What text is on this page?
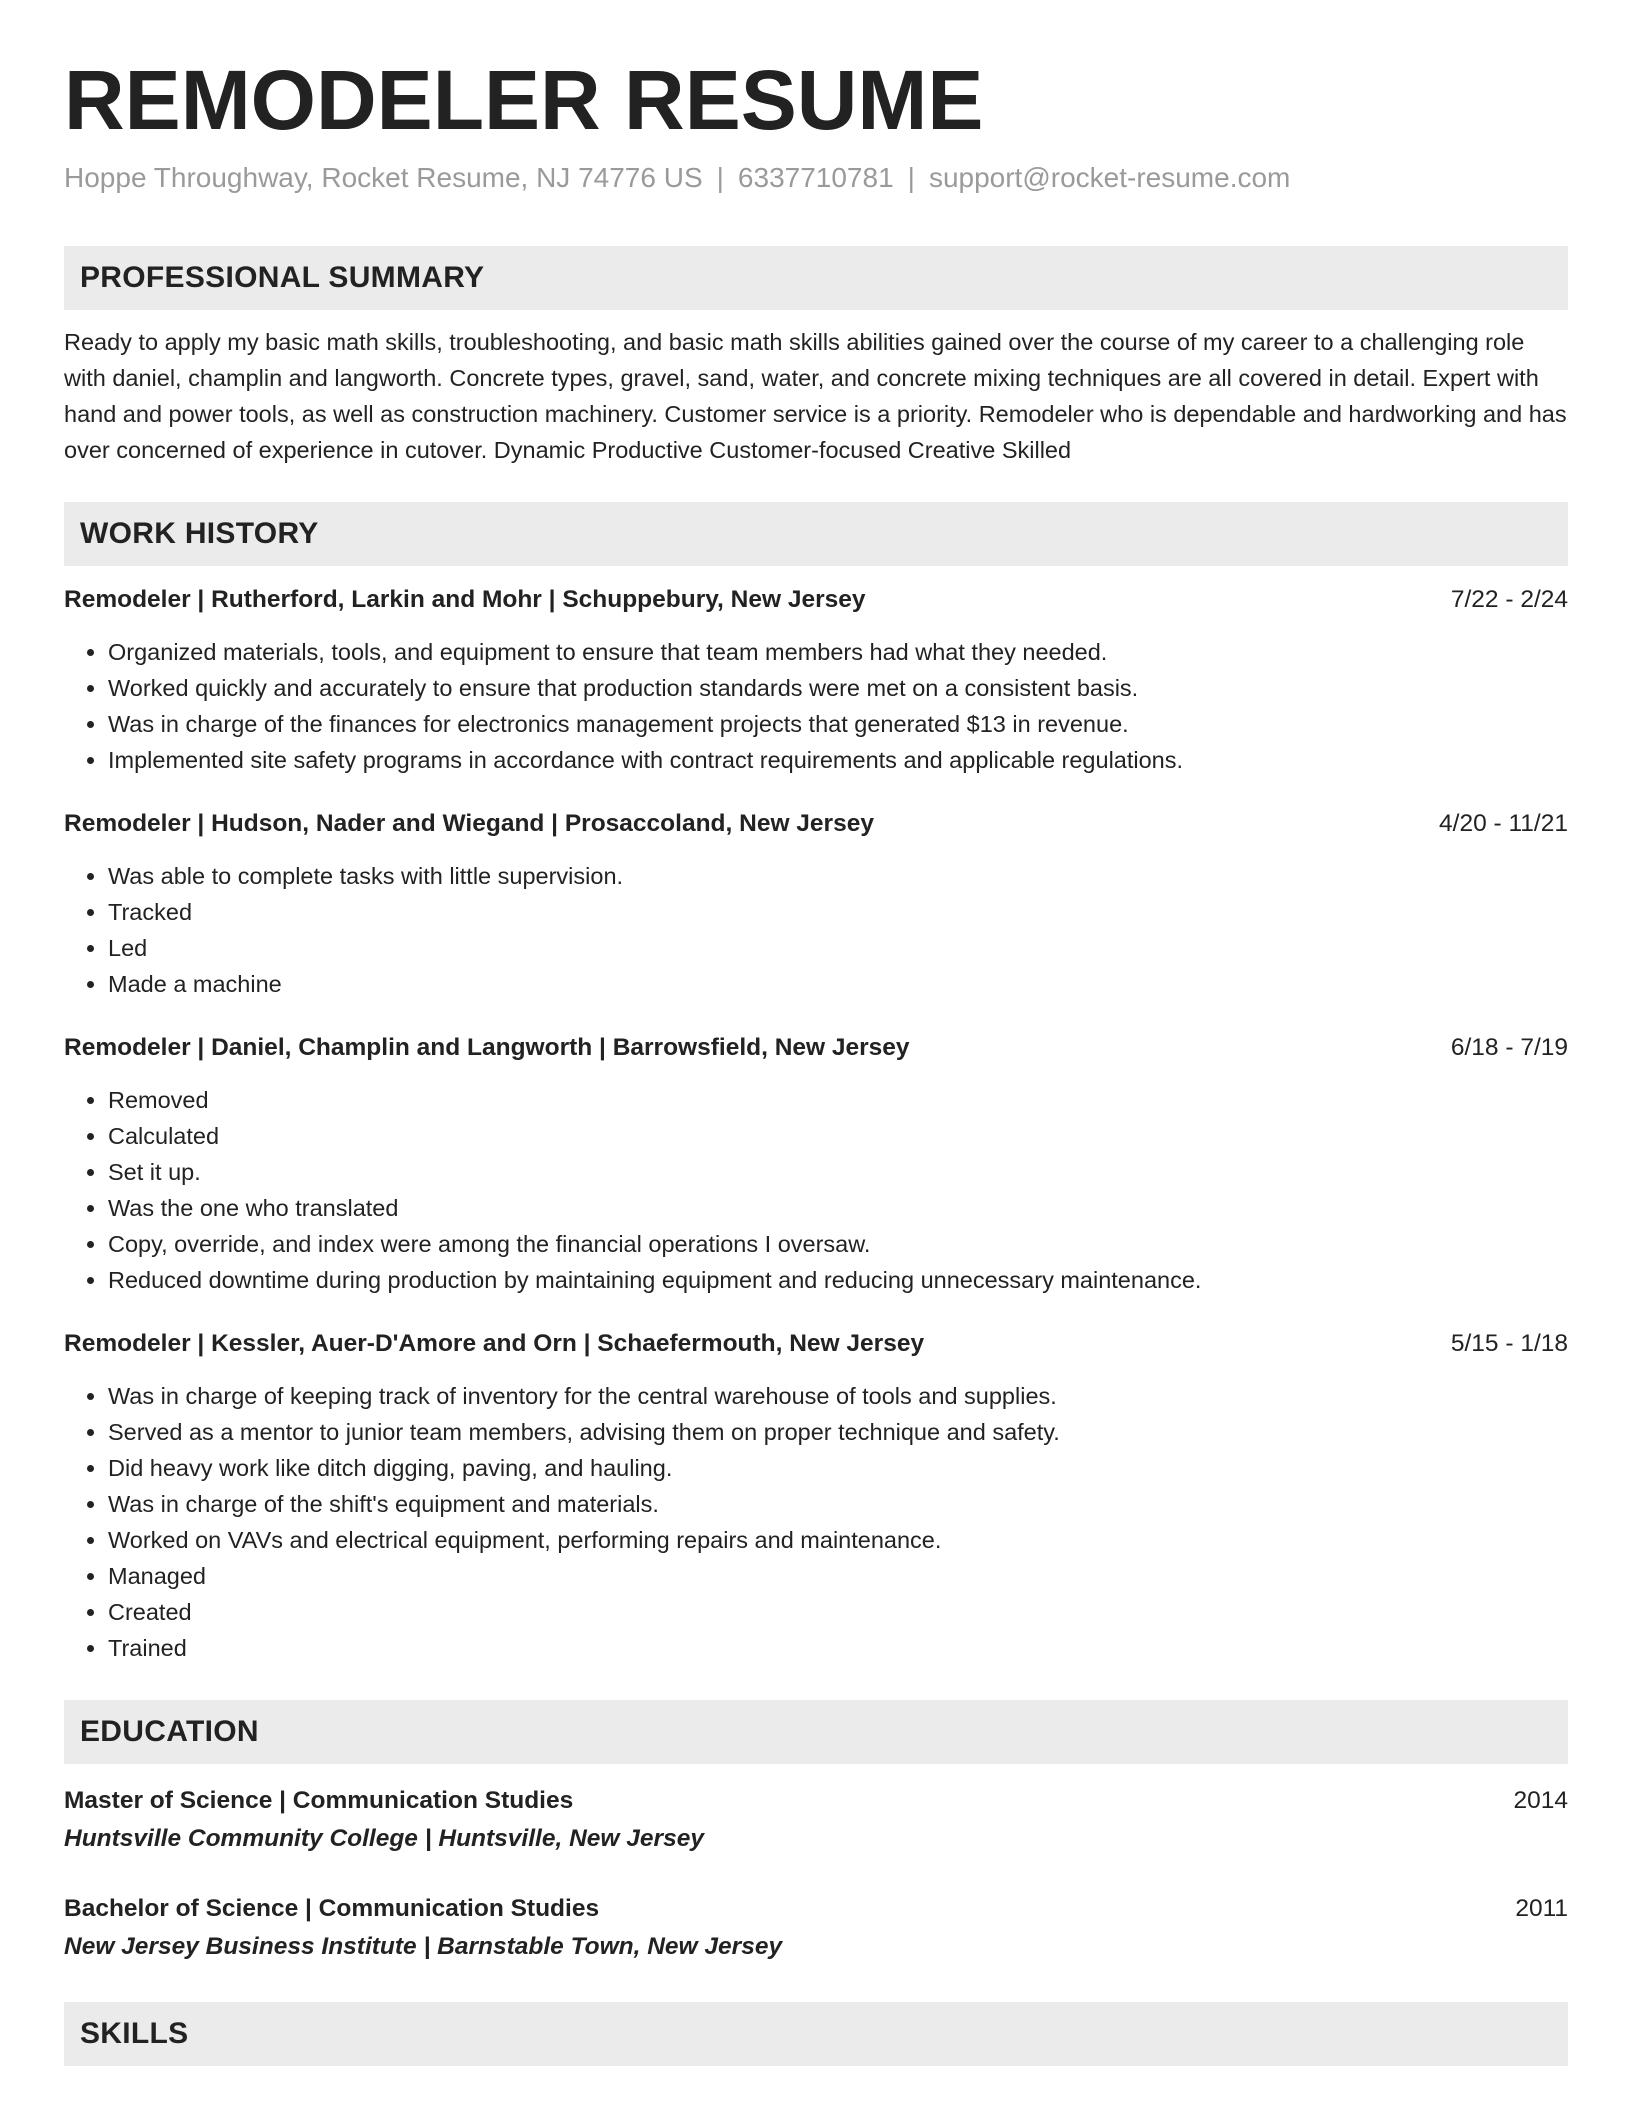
REMODELER RESUME
Hoppe Throughway, Rocket Resume, NJ 74776 US | 6337710781 | support@rocket-resume.com
PROFESSIONAL SUMMARY
Ready to apply my basic math skills, troubleshooting, and basic math skills abilities gained over the course of my career to a challenging role with daniel, champlin and langworth. Concrete types, gravel, sand, water, and concrete mixing techniques are all covered in detail. Expert with hand and power tools, as well as construction machinery. Customer service is a priority. Remodeler who is dependable and hardworking and has over concerned of experience in cutover. Dynamic Productive Customer-focused Creative Skilled
WORK HISTORY
Remodeler | Rutherford, Larkin and Mohr | Schuppebury, New Jersey	7/22 - 2/24
• Organized materials, tools, and equipment to ensure that team members had what they needed.
• Worked quickly and accurately to ensure that production standards were met on a consistent basis.
• Was in charge of the finances for electronics management projects that generated $13 in revenue.
• Implemented site safety programs in accordance with contract requirements and applicable regulations.
Remodeler | Hudson, Nader and Wiegand | Prosaccoland, New Jersey	4/20 - 11/21
• Was able to complete tasks with little supervision.
• Tracked
• Led
• Made a machine
Remodeler | Daniel, Champlin and Langworth | Barrowsfield, New Jersey	6/18 - 7/19
• Removed
• Calculated
• Set it up.
• Was the one who translated
• Copy, override, and index were among the financial operations I oversaw.
• Reduced downtime during production by maintaining equipment and reducing unnecessary maintenance.
Remodeler | Kessler, Auer-D'Amore and Orn | Schaefermouth, New Jersey	5/15 - 1/18
• Was in charge of keeping track of inventory for the central warehouse of tools and supplies.
• Served as a mentor to junior team members, advising them on proper technique and safety.
• Did heavy work like ditch digging, paving, and hauling.
• Was in charge of the shift's equipment and materials.
• Worked on VAVs and electrical equipment, performing repairs and maintenance.
• Managed
• Created
• Trained
EDUCATION
Master of Science | Communication Studies	2014
Huntsville Community College | Huntsville, New Jersey
Bachelor of Science | Communication Studies	2011
New Jersey Business Institute | Barnstable Town, New Jersey
SKILLS
